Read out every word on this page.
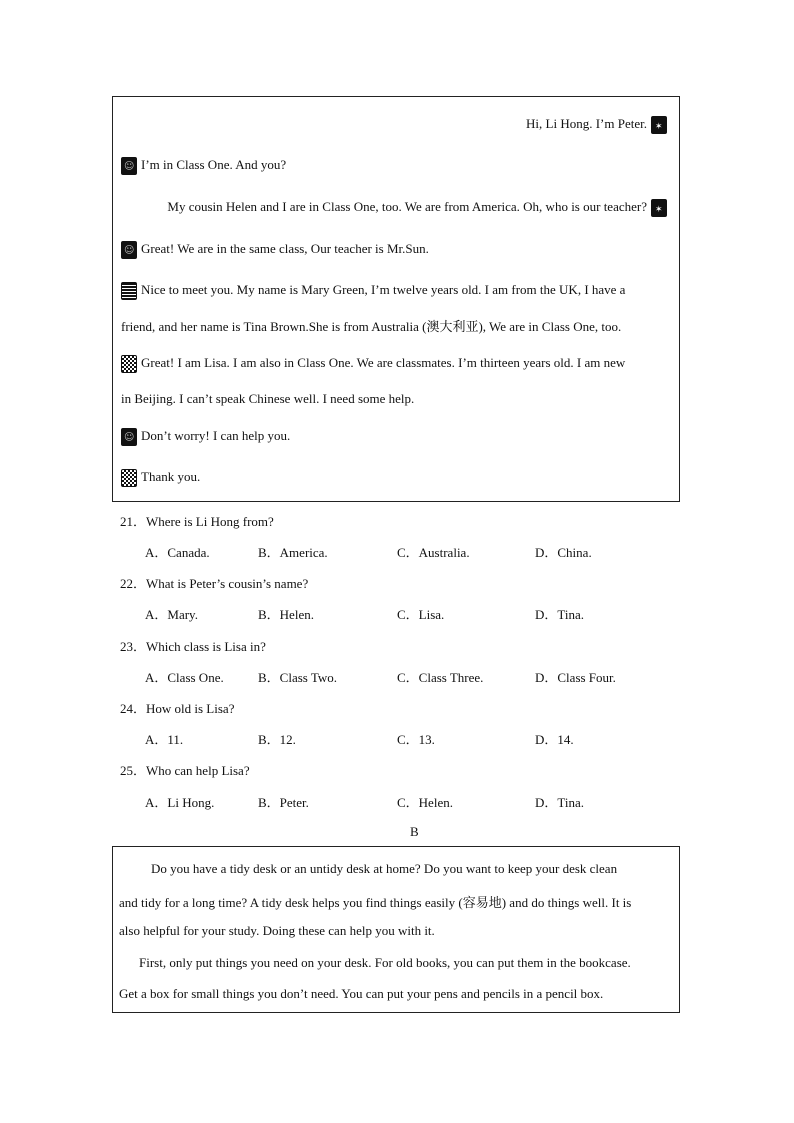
Hi, Li Hong. I’m Peter.✶
☺I’m in Class One. And you?
My cousin Helen and I are in Class One, too. We are from America. Oh, who is our teacher?✶
☺Great! We are in the same class, Our teacher is Mr.Sun.
Nice to meet you. My name is Mary Green, I’m twelve years old. I am from the UK, I have a
friend, and her name is Tina Brown.She is from Australia (澳大利亚), We are in Class One, too.
Great! I am Lisa. I am also in Class One. We are classmates. I’m thirteen years old. I am new
in Beijing. I can’t speak Chinese well. I need some help.
☺Don’t worry! I can help you.
Thank you.
21．Where is Li Hong from?
A．Canada.	B．America.	C．Australia.	D．China.
22．What is Peter’s cousin’s name?
A．Mary.	B．Helen.	C．Lisa.	D．Tina.
23．Which class is Lisa in?
A．Class One.	B．Class Two.	C．Class Three.	D．Class Four.
24．How old is Lisa?
A．11.	B．12.	C．13.	D．14.
25．Who can help Lisa?
A．Li Hong.	B．Peter.	C．Helen.	D．Tina.
B
Do you have a tidy desk or an untidy desk at home? Do you want to keep your desk clean
and tidy for a long time? A tidy desk helps you find things easily (容易地) and do things well. It is
also helpful for your study. Doing these can help you with it.
First, only put things you need on your desk. For old books, you can put them in the bookcase.
Get a box for small things you don’t need. You can put your pens and pencils in a pencil box.
